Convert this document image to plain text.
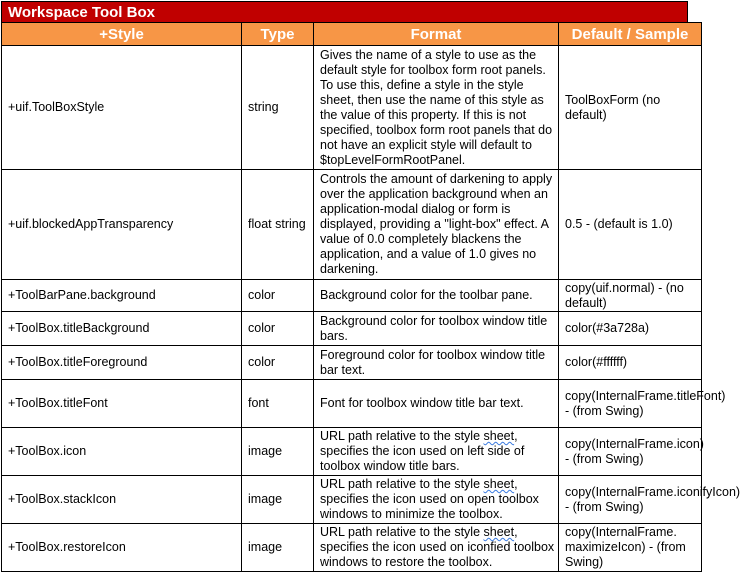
Workspace Tool Box
+Style	Type	Format	Default / Sample
+uif.ToolBoxStyle	string	Gives the name of a style to use as the default style for toolbox form root panels. To use this, define a style in the style sheet, then use the name of this style as the value of this property. If this is not specified, toolbox form root panels that do not have an explicit style will default to $topLevelFormRootPanel.	ToolBoxForm (no default)
+uif.blockedAppTransparency	float string	Controls the amount of darkening to apply over the application background when an application-modal dialog or form is displayed, providing a "light-box" effect. A value of 0.0 completely blackens the application, and a value of 1.0 gives no darkening.	0.5 - (default is 1.0)
+ToolBarPane.background	color	Background color for the toolbar pane.	copy(uif.normal) - (no default)
+ToolBox.titleBackground	color	Background color for toolbox window title bars.	color(#3a728a)
+ToolBox.titleForeground	color	Foreground color for toolbox window title bar text.	color(#ffffff)
+ToolBox.titleFont	font	Font for toolbox window title bar text.	copy(InternalFrame.titleFont) - (from Swing)
+ToolBox.icon	image	URL path relative to the style sheet, specifies the icon used on left side of toolbox window title bars.	copy(InternalFrame.icon) - (from Swing)
+ToolBox.stackIcon	image	URL path relative to the style sheet, specifies the icon used on open toolbox windows to minimize the toolbox.	copy(InternalFrame.iconifyIcon) - (from Swing)
+ToolBox.restoreIcon	image	URL path relative to the style sheet, specifies the icon used on iconfied toolbox windows to restore the toolbox.	copy(InternalFrame. maximizeIcon) - (from Swing)
